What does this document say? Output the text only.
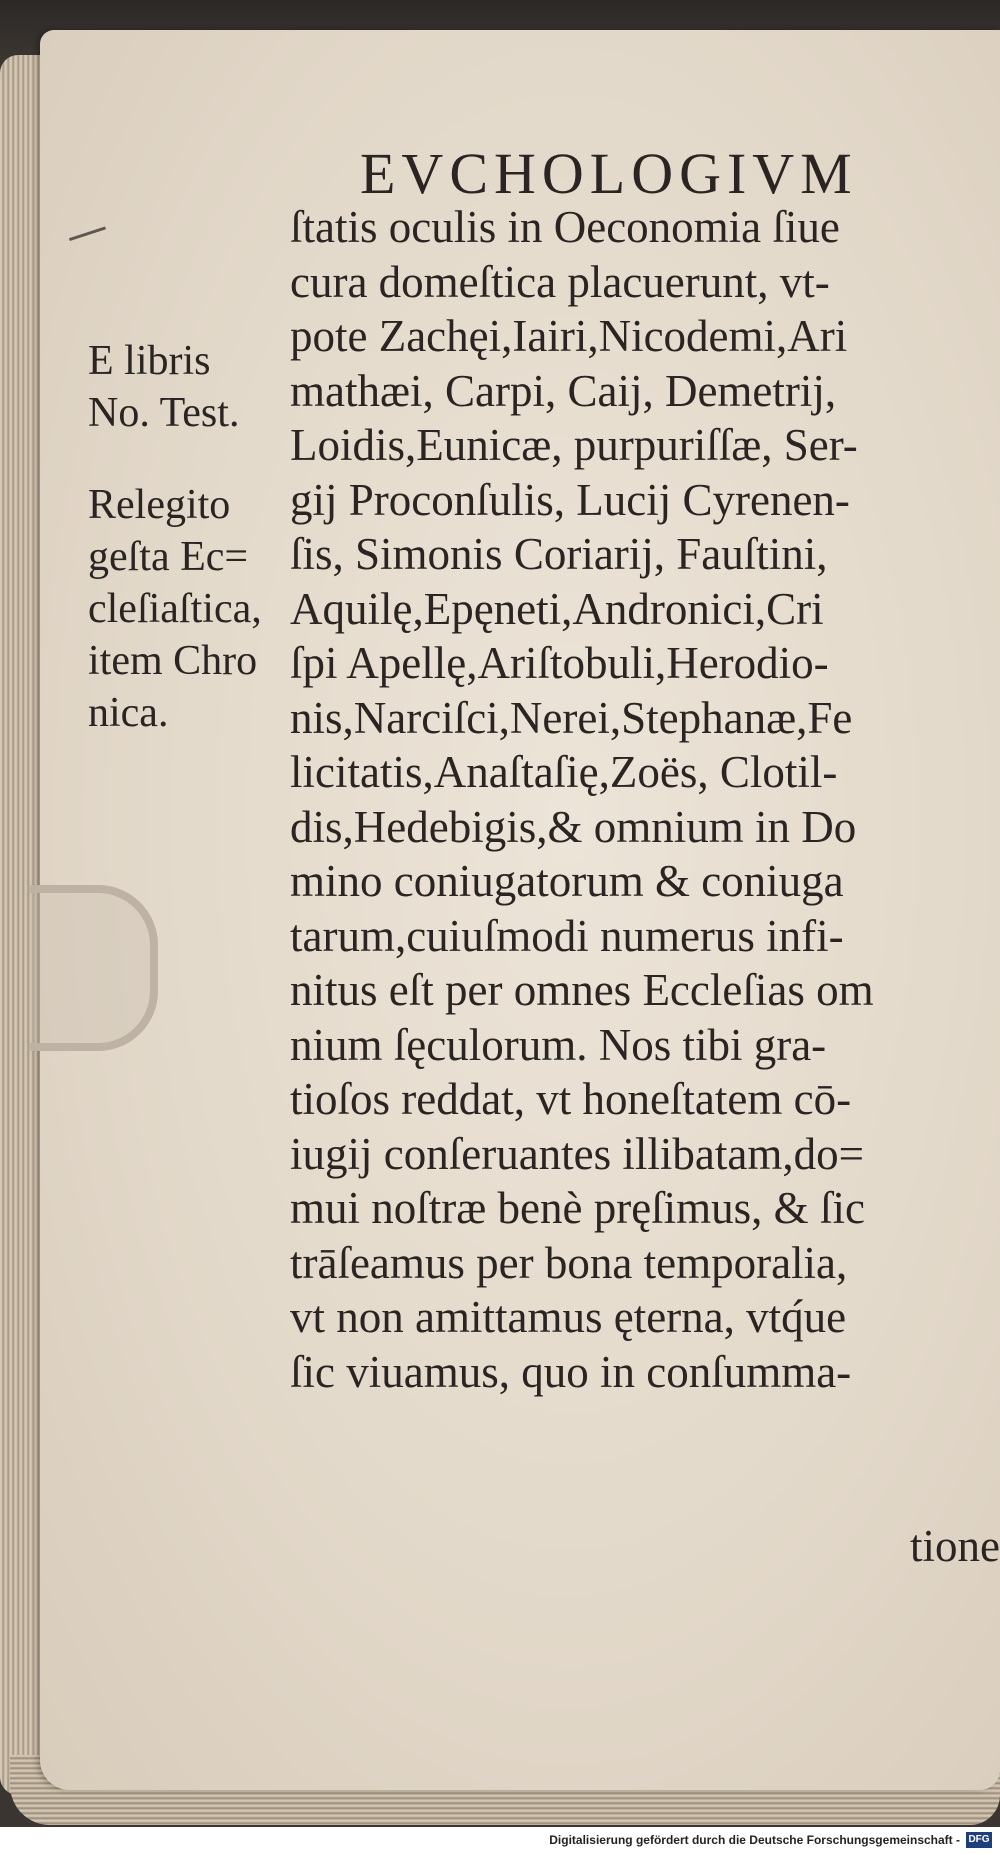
EVCHOLOGIVM
E libris
No. Test.
Relegito
geſta Ec=
cleſiaſtica,
item Chro
nica.
ſtatis oculis in Oeconomia ſiue
cura domeſtica placuerunt, vt-
pote Zachęi,Iairi,Nicodemi,Ari
mathæi, Carpi, Caij, Demetrij,
Loidis,Eunicæ, purpuriſſæ, Ser-
gij Proconſulis, Lucij Cyrenen-
ſis, Simonis Coriarij, Fauſtini,
Aquilę,Epęneti,Andronici,Cri
ſpi Apellę,Ariſtobuli,Herodio-
nis,Narciſci,Nerei,Stephanæ,Fe
licitatis,Anaſtaſię,Zoës, Clotil-
dis,Hedebigis,& omnium in Do
mino coniugatorum & coniuga
tarum,cuiuſmodi numerus infi-
nitus eſt per omnes Eccleſias om
nium ſęculorum. Nos tibi gra-
tioſos reddat, vt honeſtatem cō-
iugij conſeruantes illibatam,do=
mui noſtræ benè pręſimus, & ſic
trāſeamus per bona temporalia,
vt non amittamus ęterna, vtq́ue
ſic viuamus, quo in conſumma-
tione
Digitalisierung gefördert durch die Deutsche Forschungsgemeinschaft - DFG
